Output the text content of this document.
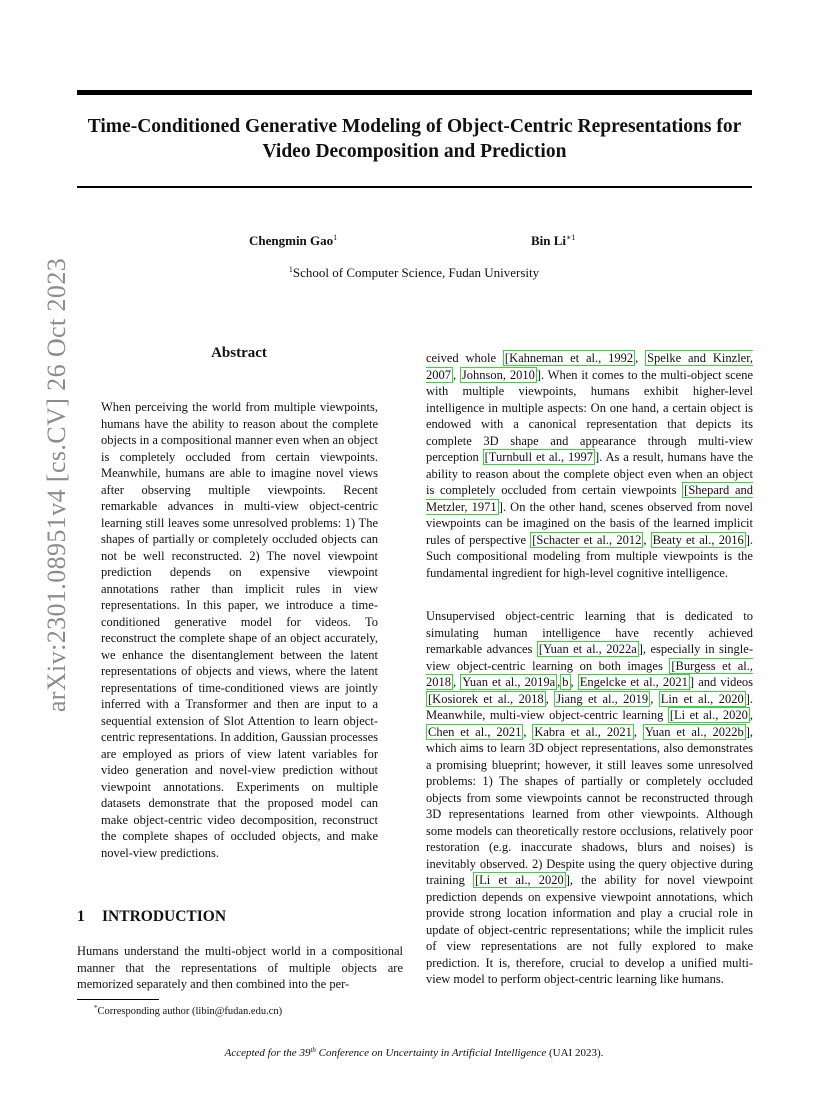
Time-Conditioned Generative Modeling of Object-Centric Representations for Video Decomposition and Prediction
Chengmin Gao$^1$	Bin $Li^{∗1}$
$^1$School of Computer Science, Fudan University
arXiv:2301.08951v4 [cs.CV] 26 Oct 2023	Abstract
When perceiving the world from multiple viewpoints, humans have the ability to reason about the complete objects in a compositional manner even when an object is completely occluded from certain viewpoints. Meanwhile, humans are able to imagine novel views after observing multiple viewpoints. Recent remarkable advances in multi-view object-centric learning still leaves some unresolved problems: 1) The shapes of partially or completely occluded objects can not be well reconstructed. 2) The novel viewpoint prediction depends on expensive viewpoint annotations rather than implicit rules in view representations. In this paper, we introduce a time-conditioned generative model for videos. To reconstruct the complete shape of an object accurately, we enhance the disentanglement between the latent representations of objects and views, where the latent representations of time-conditioned views are jointly inferred with a Transformer and then are input to a sequential extension of Slot Attention to learn object-centric representations. In addition, Gaussian processes are employed as priors of view latent variables for video generation and novel-view prediction without viewpoint annotations. Experiments on multiple datasets demonstrate that the proposed model can make object-centric video decomposition, reconstruct the complete shapes of occluded objects, and make novel-view predictions.
1 INTRODUCTION
Humans understand the multi-object world in a compositional manner that the representations of multiple objects are memorized separately and then combined into the per-
*Corresponding author (libin@fudan.edu.cn)
ceived whole [Kahneman et al., 1992 , Spelke and Kinzler, 2007 , Johnson, 2010 ]. When it comes to the multi-object scene with multiple viewpoints, humans exhibit higher-level intelligence in multiple aspects: On one hand, a certain object is endowed with a canonical representation that depicts its complete 3D shape and appearance through multi-view perception [Turnbull et al., 1997 ]. As a result, humans have the ability to reason about the complete object even when an object is completely occluded from certain viewpoints [Shepard and Metzler, 1971 ]. On the other hand, scenes observed from novel viewpoints can be imagined on the basis of the learned implicit rules of perspective [Schacter et al., 2012 , Beaty et al., 2016 ]. Such compositional modeling from multiple viewpoints is the fundamental ingredient for high-level cognitive intelligence.
Unsupervised object-centric learning that is dedicated to simulating human intelligence have recently achieved remarkable advances [Yuan et al., 2022a ], especially in single-view object-centric learning on both images [Burgess et al., 2018 , Yuan et al., 2019a , b , Engelcke et al., 2021 ] and videos [Kosiorek et al., 2018 , Jiang et al., 2019 , Lin et al., 2020 ]. Meanwhile, multi-view object-centric learning [Li et al., 2020 , Chen et al., 2021 , Kabra et al., 2021 , Yuan et al., 2022b ], which aims to learn 3D object representations, also demonstrates a promising blueprint; however, it still leaves some unresolved problems: 1) The shapes of partially or completely occluded objects from some viewpoints cannot be reconstructed through 3D representations learned from other viewpoints. Although some models can theoretically restore occlusions, relatively poor restoration (e.g. inaccurate shadows, blurs and noises) is inevitably observed. 2) Despite using the query objective during training [Li et al., 2020 ], the ability for novel viewpoint prediction depends on expensive viewpoint annotations, which provide strong location information and play a crucial role in update of object-centric representations; while the implicit rules of view representations are not fully explored to make prediction. It is, therefore, crucial to develop a unified multi-view model to perform object-centric learning like humans.
Accepted for the 39th Conference on Uncertainty in Artificial Intelligence (UAI 2023).
